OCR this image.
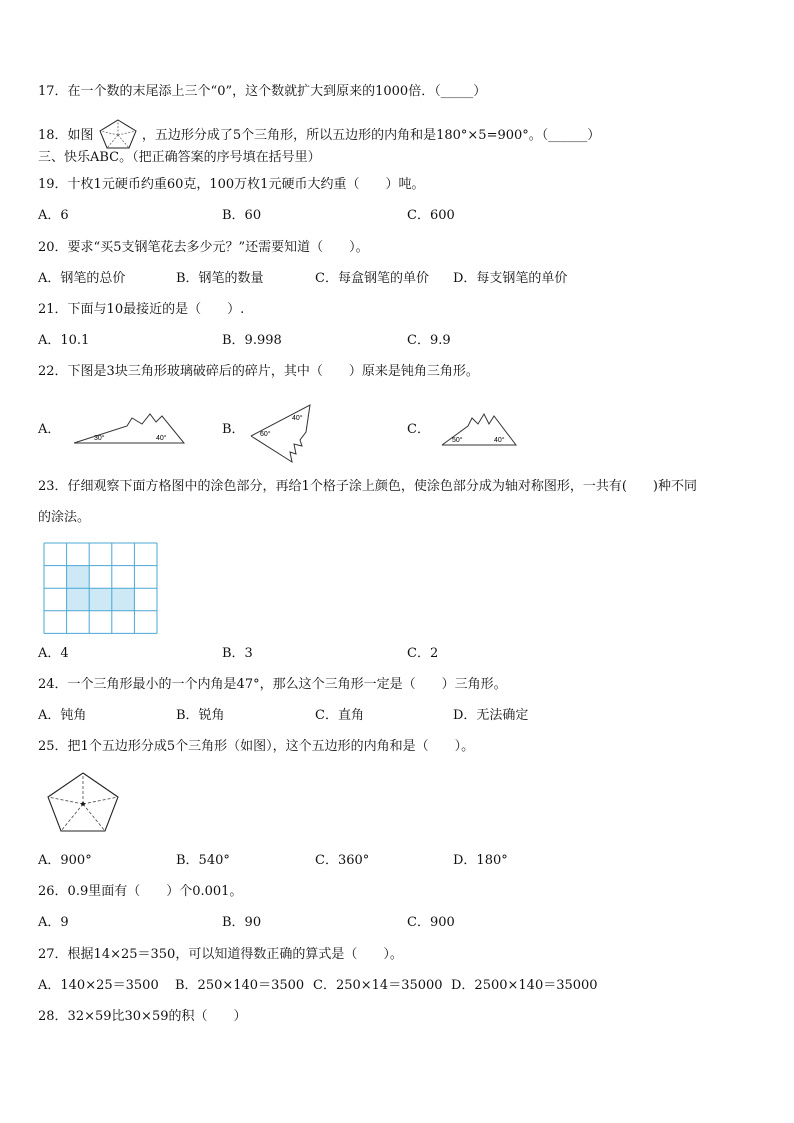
17．在一个数的末尾添上三个“0”，这个数就扩大到原来的1000倍．（_____）
18．如图	，五边形分成了5个三角形，所以五边形的内角和是180°×5=900°。（______）
三、快乐ABC。（把正确答案的序号填在括号里）
19．十枚1元硬币约重60克，100万枚1元硬币大约重（　　）吨。
A．6	B．60	C．600
20．要求“买5支钢笔花去多少元？”还需要知道（　　）。
A．钢笔的总价	B．钢笔的数量	C．每盒钢笔的单价 D．每支钢笔的单价
21．下面与10最接近的是（　　）.
A．10.1	B．9.998	C．9.9
22．下图是3块三角形玻璃破碎后的碎片，其中（　　）原来是钝角三角形。
A．	B．	C．
30°	40°
60°
40°
50°	40°
23．仔细观察下面方格图中的涂色部分，再给1个格子涂上颜色，使涂色部分成为轴对称图形，一共有(　　)种不同
的涂法。
A．4	B．3	C．2
24．一个三角形最小的一个内角是47°，那么这个三角形一定是（　　）三角形。
A．钝角	B．锐角	C．直角	D．无法确定
25．把1个五边形分成5个三角形（如图），这个五边形的内角和是（　　）。
A．900°	B．540°	C．360°	D．180°
26．0.9里面有（　　）个0.001。
A．9	B．90	C．900
27．根据14×25＝350，可以知道得数正确的算式是（　　）。
A．140×25＝3500 B．250×140＝3500 C．250×14＝35000 D．2500×140＝35000
28．32×59比30×59的积（　　）
